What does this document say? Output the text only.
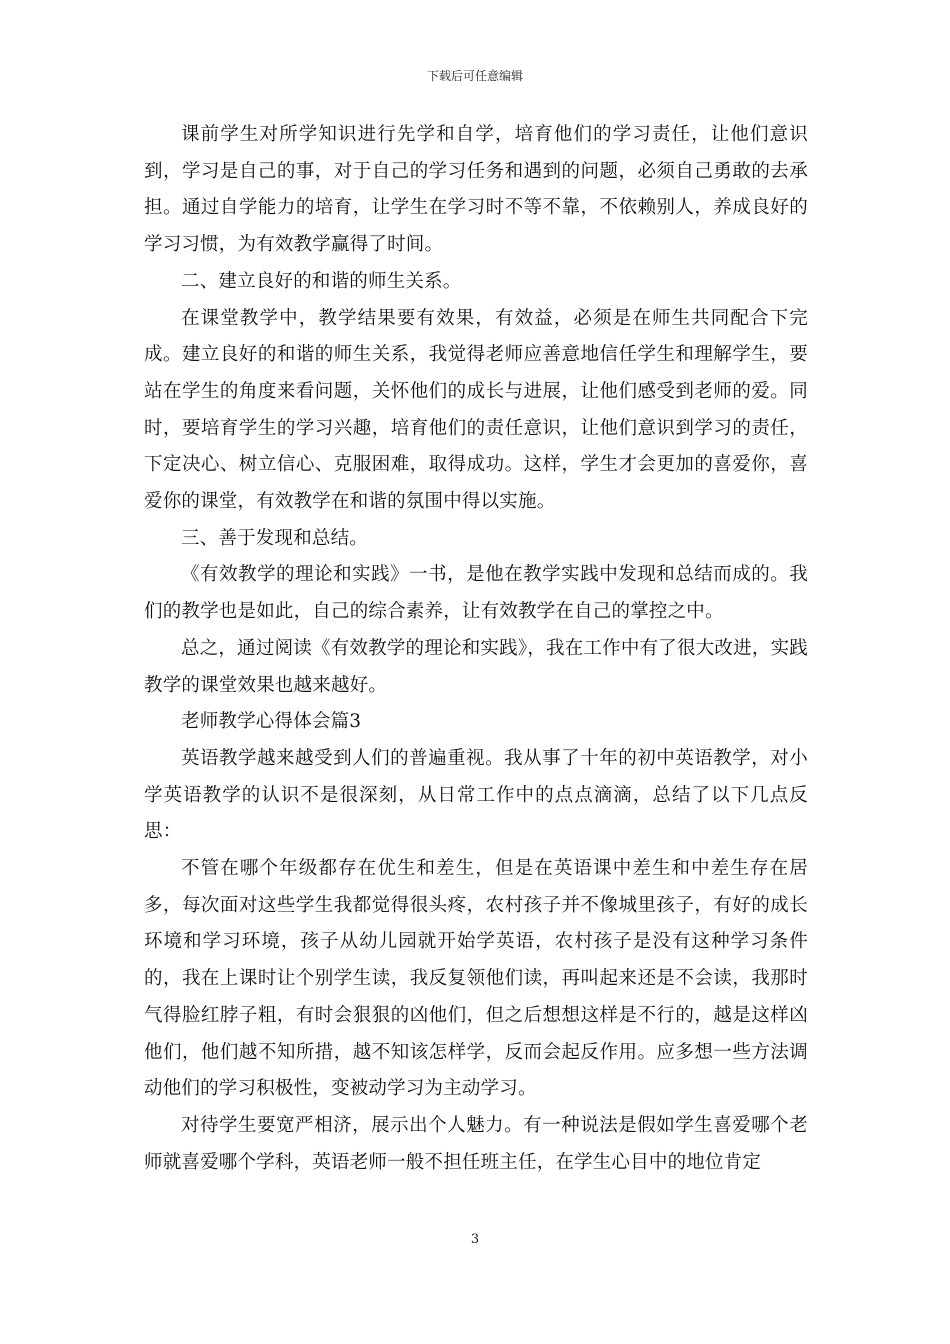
下载后可任意编辑

课前学生对所学知识进行先学和自学，培育他们的学习责任，让他们意识到，学习是自己的事，对于自己的学习任务和遇到的问题，必须自己勇敢的去承担。通过自学能力的培育，让学生在学习时不等不靠，不依赖别人，养成良好的学习习惯，为有效教学赢得了时间。

二、建立良好的和谐的师生关系。

在课堂教学中，教学结果要有效果，有效益，必须是在师生共同配合下完成。建立良好的和谐的师生关系，我觉得老师应善意地信任学生和理解学生，要站在学生的角度来看问题，关怀他们的成长与进展，让他们感受到老师的爱。同时，要培育学生的学习兴趣，培育他们的责任意识，让他们意识到学习的责任，下定决心、树立信心、克服困难，取得成功。这样，学生才会更加的喜爱你，喜爱你的课堂，有效教学在和谐的氛围中得以实施。

三、善于发现和总结。

《有效教学的理论和实践》一书，是他在教学实践中发现和总结而成的。我们的教学也是如此，自己的综合素养，让有效教学在自己的掌控之中。

总之，通过阅读《有效教学的理论和实践》，我在工作中有了很大改进，实践教学的课堂效果也越来越好。

老师教学心得体会篇3

英语教学越来越受到人们的普遍重视。我从事了十年的初中英语教学，对小学英语教学的认识不是很深刻，从日常工作中的点点滴滴，总结了以下几点反思：

不管在哪个年级都存在优生和差生，但是在英语课中差生和中差生存在居多，每次面对这些学生我都觉得很头疼，农村孩子并不像城里孩子，有好的成长环境和学习环境，孩子从幼儿园就开始学英语，农村孩子是没有这种学习条件的，我在上课时让个别学生读，我反复领他们读，再叫起来还是不会读，我那时气得脸红脖子粗，有时会狠狠的凶他们，但之后想想这样是不行的，越是这样凶他们，他们越不知所措，越不知该怎样学，反而会起反作用。应多想一些方法调动他们的学习积极性，变被动学习为主动学习。

对待学生要宽严相济，展示出个人魅力。有一种说法是假如学生喜爱哪个老师就喜爱哪个学科，英语老师一般不担任班主任，在学生心目中的地位肯定

3
